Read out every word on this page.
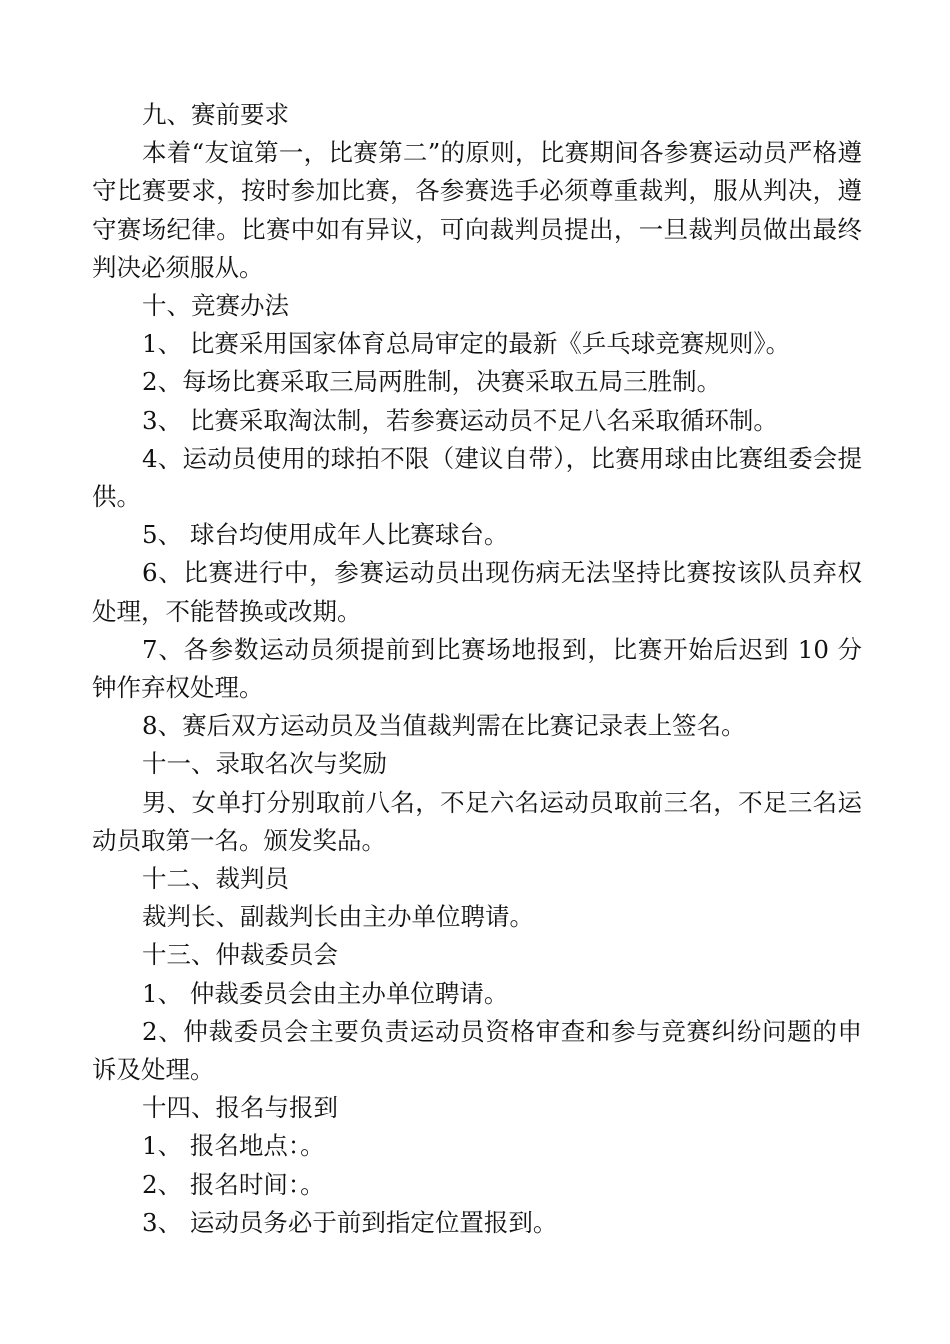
九、赛前要求

本着“友谊第一，比赛第二”的原则，比赛期间各参赛运动员严格遵守比赛要求，按时参加比赛，各参赛选手必须尊重裁判，服从判决，遵守赛场纪律。比赛中如有异议，可向裁判员提出，一旦裁判员做出最终判决必须服从。

十、竞赛办法

1、 比赛采用国家体育总局审定的最新《乒乓球竞赛规则》。

2、每场比赛采取三局两胜制，决赛采取五局三胜制。

3、 比赛采取淘汰制，若参赛运动员不足八名采取循环制。

4、运动员使用的球拍不限（建议自带），比赛用球由比赛组委会提供。

5、 球台均使用成年人比赛球台。

6、比赛进行中，参赛运动员出现伤病无法坚持比赛按该队员弃权处理，不能替换或改期。

7、各参数运动员须提前到比赛场地报到，比赛开始后迟到 10 分钟作弃权处理。

8、赛后双方运动员及当值裁判需在比赛记录表上签名。

十一、录取名次与奖励

男、女单打分别取前八名，不足六名运动员取前三名，不足三名运动员取第一名。颁发奖品。

十二、裁判员

裁判长、副裁判长由主办单位聘请。

十三、仲裁委员会

1、 仲裁委员会由主办单位聘请。

2、仲裁委员会主要负责运动员资格审查和参与竞赛纠纷问题的申诉及处理。

十四、报名与报到

1、 报名地点：。

2、 报名时间：。

3、 运动员务必于前到指定位置报到。
